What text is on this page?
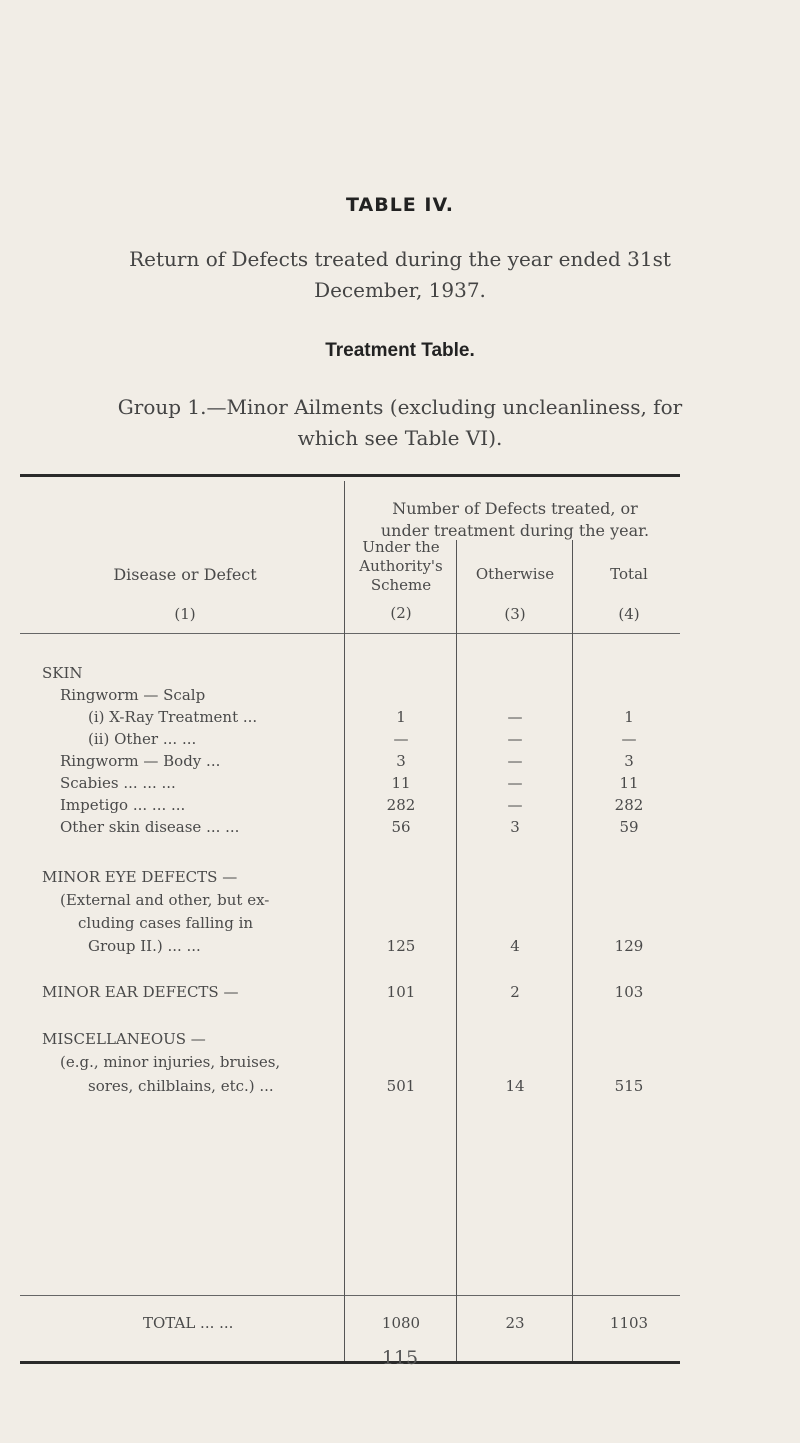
TABLE IV.
Return of Defects treated during the year ended 31st
December, 1937.
Treatment Table.
Group 1.—Minor Ailments (excluding uncleanliness, for
which see Table VI).
Number of Defects treated, or
under treatment during the year.
Disease or Defect
(1)
Under the
Authority's
Scheme
(2)
Otherwise
(3)
Total
(4)
SKIN
Ringworm — Scalp
(i) X-Ray Treatment ...	1	—	1
(ii) Other ... ...	—	—	—
Ringworm — Body ...	3	—	3
Scabies ... ... ...	11	—	11
Impetigo ... ... ...	282	—	282
Other skin disease ... ...	56	3	59
MINOR EYE DEFECTS —
(External and other, but ex-
cluding cases falling in
Group II.) ... ...	125	4	129
MINOR EAR DEFECTS —	101	2	103
MISCELLANEOUS —
(e.g., minor injuries, bruises,
sores, chilblains, etc.) ...	501	14	515
TOTAL ... ...	1080	23	1103
115
